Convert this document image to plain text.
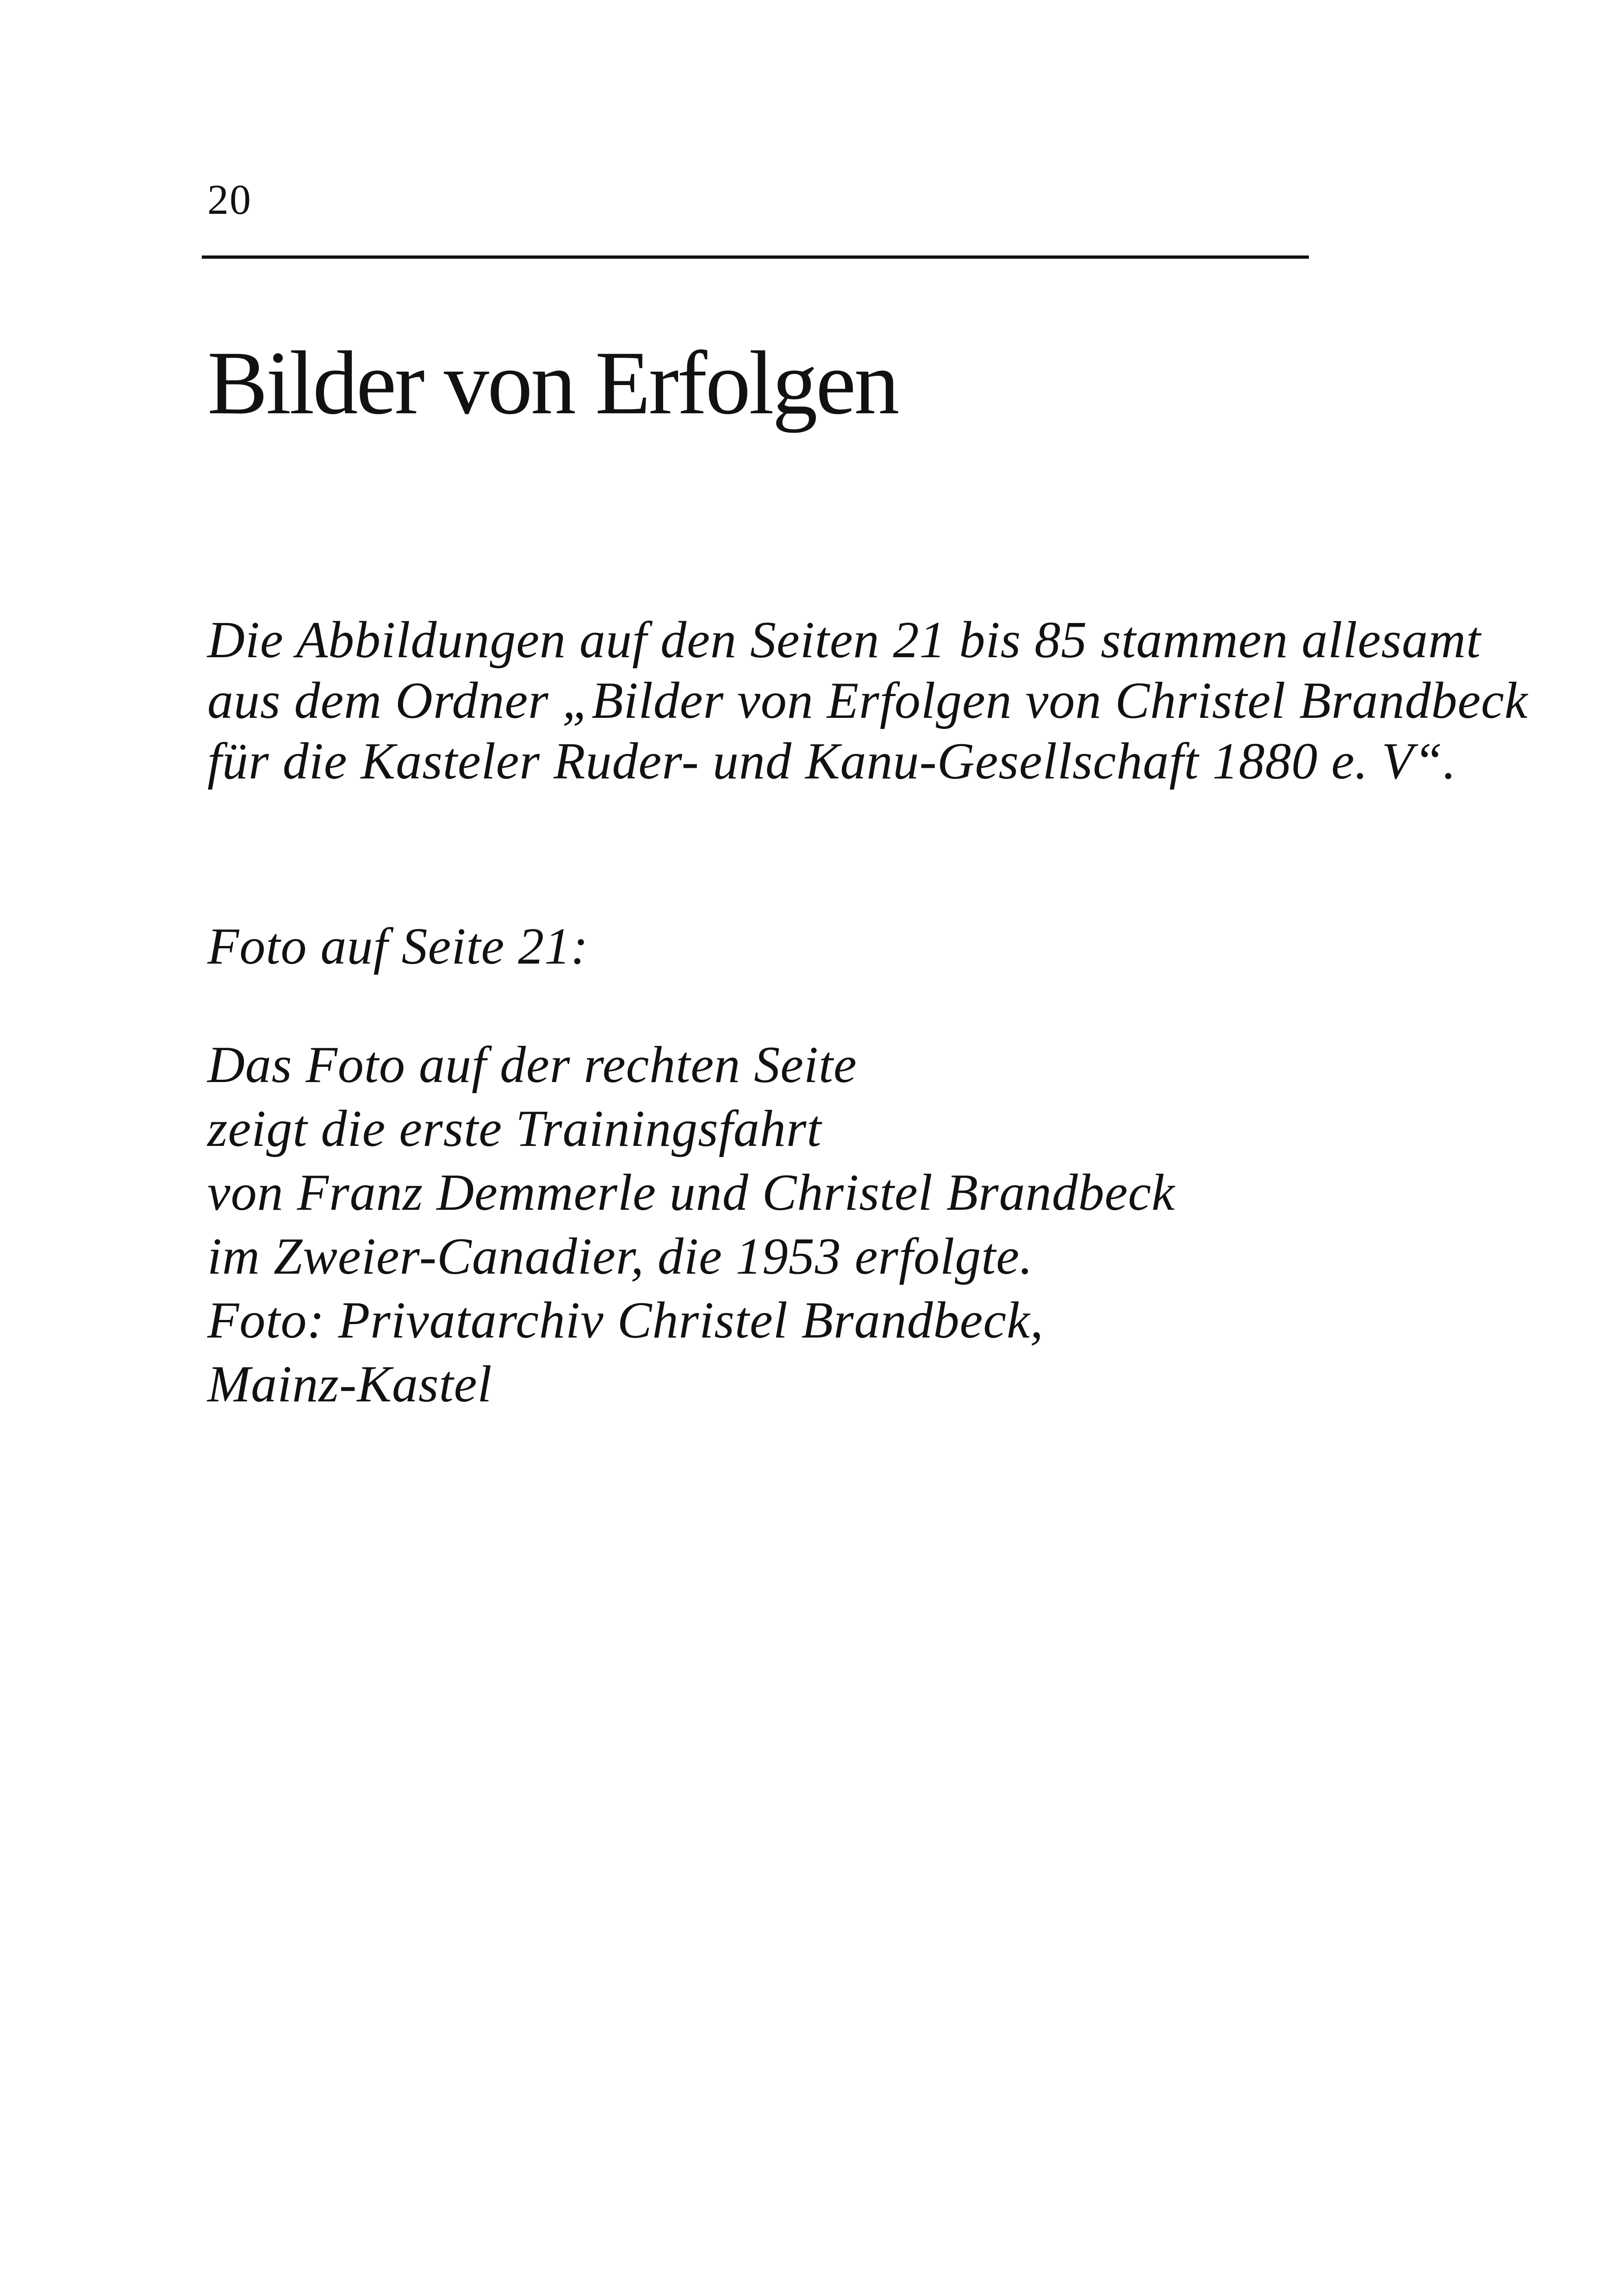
20
Bilder von Erfolgen
Die Abbildungen auf den Seiten 21 bis 85 stammen allesamt
aus dem Ordner „Bilder von Erfolgen von Christel Brandbeck
für die Kasteler Ruder- und Kanu-Gesellschaft 1880 e. V“.
Foto auf Seite 21:
Das Foto auf der rechten Seite
zeigt die erste Trainingsfahrt
von Franz Demmerle und Christel Brandbeck
im Zweier-Canadier, die 1953 erfolgte.
Foto: Privatarchiv Christel Brandbeck,
Mainz-Kastel
